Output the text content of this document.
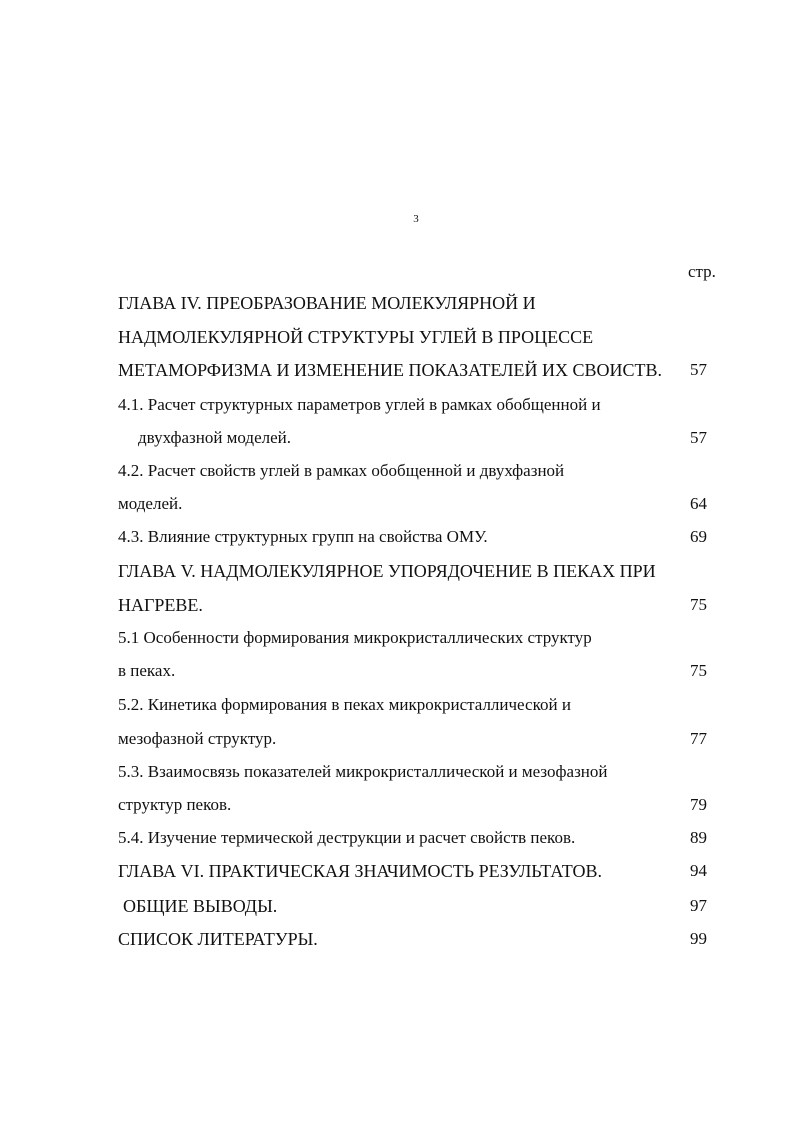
3
стр.
ГЛАВА IV. ПРЕОБРАЗОВАНИЕ МОЛЕКУЛЯРНОЙ И
НАДМОЛЕКУЛЯРНОЙ СТРУКТУРЫ УГЛЕЙ В ПРОЦЕССЕ
МЕТАМОРФИЗМА И ИЗМЕНЕНИЕ ПОКАЗАТЕЛЕЙ ИХ СВОИСТВ. 57
4.1. Расчет структурных параметров углей в рамках обобщенной и
двухфазной моделей.	57
4.2. Расчет свойств углей в рамках обобщенной и двухфазной
моделей.	64
4.3. Влияние структурных групп на свойства ОМУ.	69
ГЛАВА V. НАДМОЛЕКУЛЯРНОЕ УПОРЯДОЧЕНИЕ В ПЕКАХ ПРИ
НАГРЕВЕ.	75
5.1 Особенности формирования микрокристаллических структур
в пеках.	75
5.2. Кинетика формирования в пеках микрокристаллической и
мезофазной структур.	77
5.3. Взаимосвязь показателей микрокристаллической и мезофазной
структур пеков.	79
5.4. Изучение термической деструкции и расчет свойств пеков.	89
ГЛАВА VI. ПРАКТИЧЕСКАЯ ЗНАЧИМОСТЬ РЕЗУЛЬТАТОВ.	94
ОБЩИЕ ВЫВОДЫ.	97
СПИСОК ЛИТЕРАТУРЫ.	99
